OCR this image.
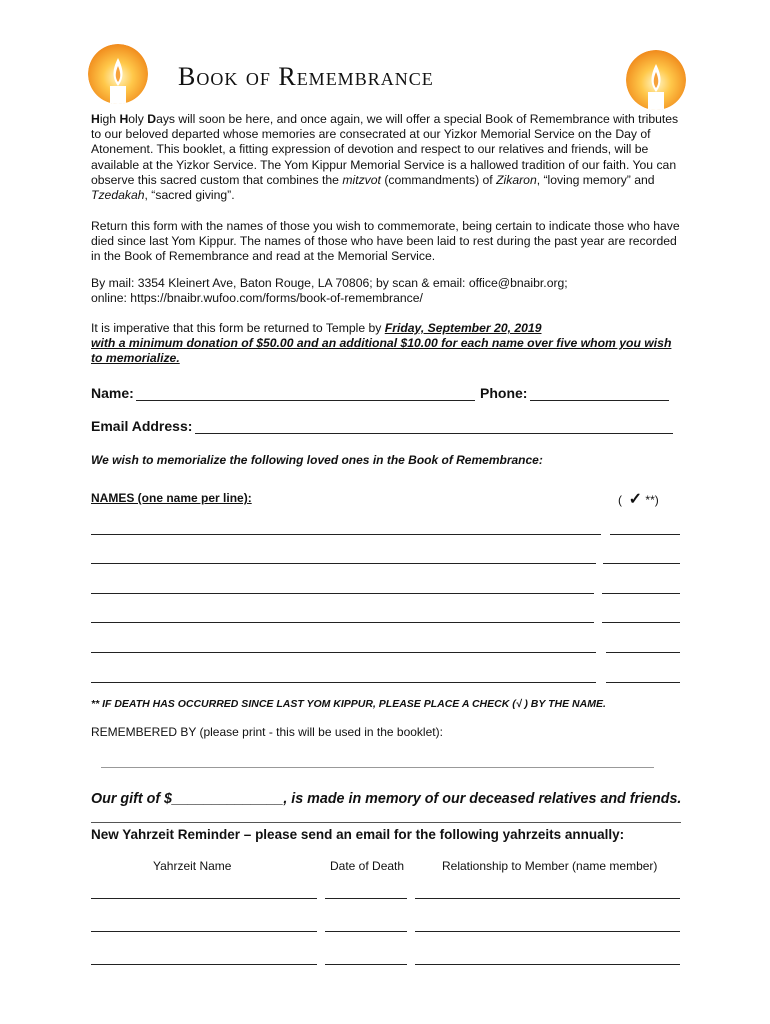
Book of Remembrance
High Holy Days will soon be here, and once again, we will offer a special Book of Remembrance with tributes to our beloved departed whose memories are consecrated at our Yizkor Memorial Service on the Day of Atonement. This booklet, a fitting expression of devotion and respect to our relatives and friends, will be available at the Yizkor Service. The Yom Kippur Memorial Service is a hallowed tradition of our faith. You can observe this sacred custom that combines the mitzvot (commandments) of Zikaron, “loving memory” and Tzedakah, “sacred giving”.
Return this form with the names of those you wish to commemorate, being certain to indicate those who have died since last Yom Kippur. The names of those who have been laid to rest during the past year are recorded in the Book of Remembrance and read at the Memorial Service.
By mail: 3354 Kleinert Ave, Baton Rouge, LA 70806; by scan & email: office@bnaibr.org;
online: https://bnaibr.wufoo.com/forms/book-of-remembrance/
It is imperative that this form be returned to Temple by Friday, September 20, 2019
with a minimum donation of $50.00 and an additional $10.00 for each name over five whom you wish to memorialize.
Name:	Phone:
Email Address:
We wish to memorialize the following loved ones in the Book of Remembrance:
NAMES (one name per line):	( ✓ **)
** IF DEATH HAS OCCURRED SINCE LAST YOM KIPPUR, PLEASE PLACE A CHECK (√ ) BY THE NAME.
REMEMBERED BY (please print - this will be used in the booklet):
Our gift of $______________, is made in memory of our deceased relatives and friends.
New Yahrzeit Reminder – please send an email for the following yahrzeits annually:
Yahrzeit Name	Date of Death	Relationship to Member (name member)
